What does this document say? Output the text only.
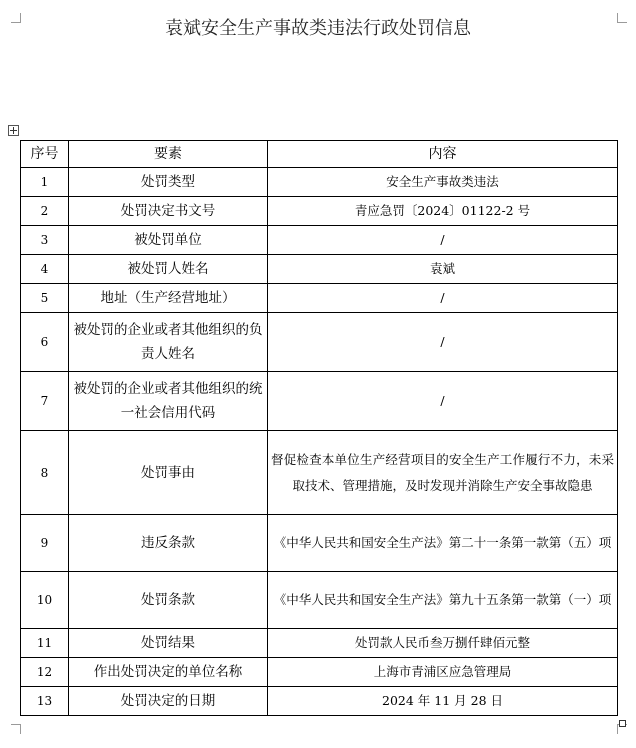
袁斌安全生产事故类违法行政处罚信息
序号	要素	内容
1	处罚类型	安全生产事故类违法
2	处罚决定书文号	青应急罚〔2024〕01122-2 号
3	被处罚单位	/
4	被处罚人姓名	袁斌
5	地址（生产经营地址）	/
6	被处罚的企业或者其他组织的负责人姓名	/
7	被处罚的企业或者其他组织的统一社会信用代码	/
8	处罚事由	督促检查本单位生产经营项目的安全生产工作履行不力，未采取技术、管理措施，及时发现并消除生产安全事故隐患
9	违反条款	《中华人民共和国安全生产法》第二十一条第一款第（五）项
10	处罚条款	《中华人民共和国安全生产法》第九十五条第一款第（一）项
11	处罚结果	处罚款人民币叁万捌仟肆佰元整
12	作出处罚决定的单位名称	上海市青浦区应急管理局
13	处罚决定的日期	2024 年 11 月 28 日
